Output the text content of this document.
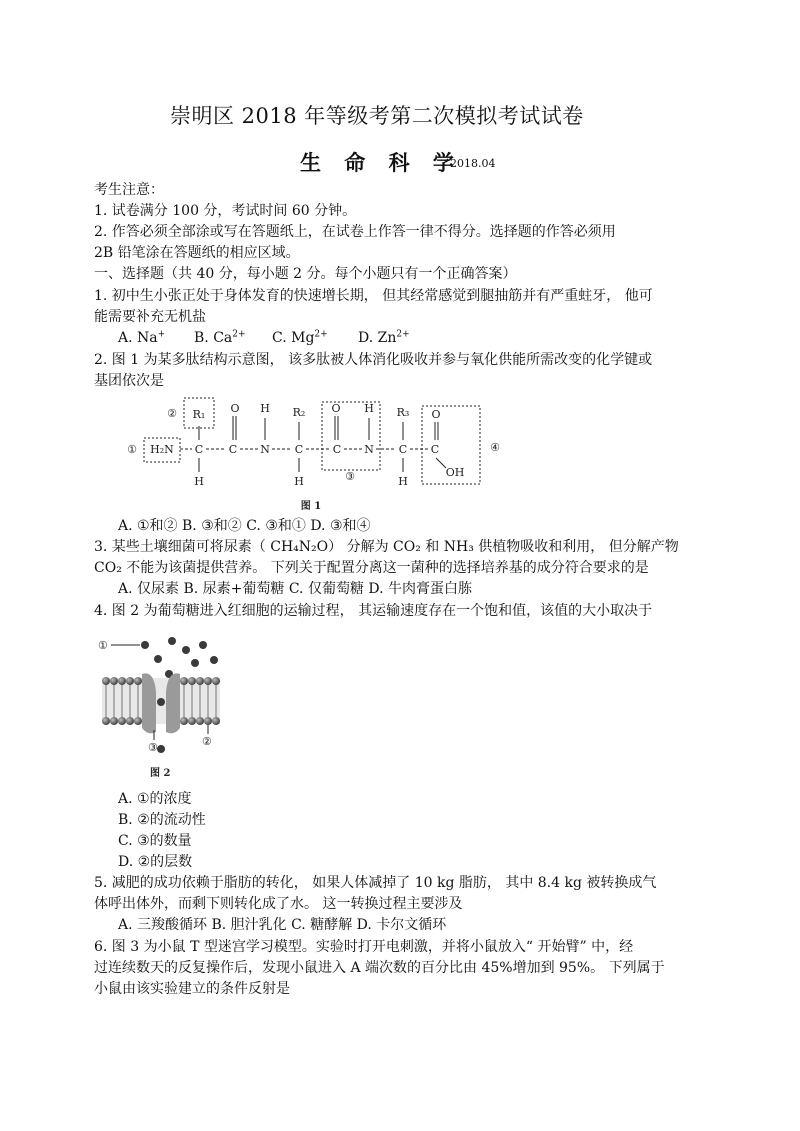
崇明区 2018 年等级考第二次模拟考试试卷
生 命 科 学
2018.04
考生注意：
1. 试卷满分 100 分，考试时间 60 分钟。
2. 作答必须全部涂或写在答题纸上，在试卷上作答一律不得分。选择题的作答必须用
2B 铅笔涂在答题纸的相应区域。
一、选择题（共 40 分，每小题 2 分。每个小题只有一个正确答案）
1. 初中生小张正处于身体发育的快速增长期， 但其经常感觉到腿抽筋并有严重蛀牙， 他可
能需要补充无机盐
A. Na+ B. $Ca^{2+}$ C. $Mg^{2+}$ D. $Zn^{2+}$
2. 图 1 为某多肽结构示意图， 该多肽被人体消化吸收并参与氧化供能所需改变的化学键或
基团依次是
② R₁ O H R₂ O H R₃ O
① H₂N C C N C	C N C C	④
③	OH
H	H	H
图 1
A. ①和② B. ③和② C. ③和① D. ③和④
3. 某些土壤细菌可将尿素（ CH₄N₂O） 分解为 CO₂ 和 NH₃ 供植物吸收和利用， 但分解产物
CO₂ 不能为该菌提供营养。 下列关于配置分离这一菌种的选择培养基的成分符合要求的是
A. 仅尿素 B. 尿素+葡萄糖 C. 仅葡萄糖 D. 牛肉膏蛋白胨
4. 图 2 为葡萄糖进入红细胞的运输过程， 其运输速度存在一个饱和值，该值的大小取决于
①
③	②
图 2
A. ①的浓度
B. ②的流动性
C. ③的数量
D. ②的层数
5. 减肥的成功依赖于脂肪的转化， 如果人体减掉了 10 kg 脂肪， 其中 8.4 kg 被转换成气
体呼出体外，而剩下则转化成了水。 这一转换过程主要涉及
A. 三羧酸循环 B. 胆汁乳化 C. 糖酵解 D. 卡尔文循环
6. 图 3 为小鼠 T 型迷宫学习模型。实验时打开电刺激，并将小鼠放入“ 开始臂” 中，经
过连续数天的反复操作后，发现小鼠进入 A 端次数的百分比由 45%增加到 95%。 下列属于
小鼠由该实验建立的条件反射是
